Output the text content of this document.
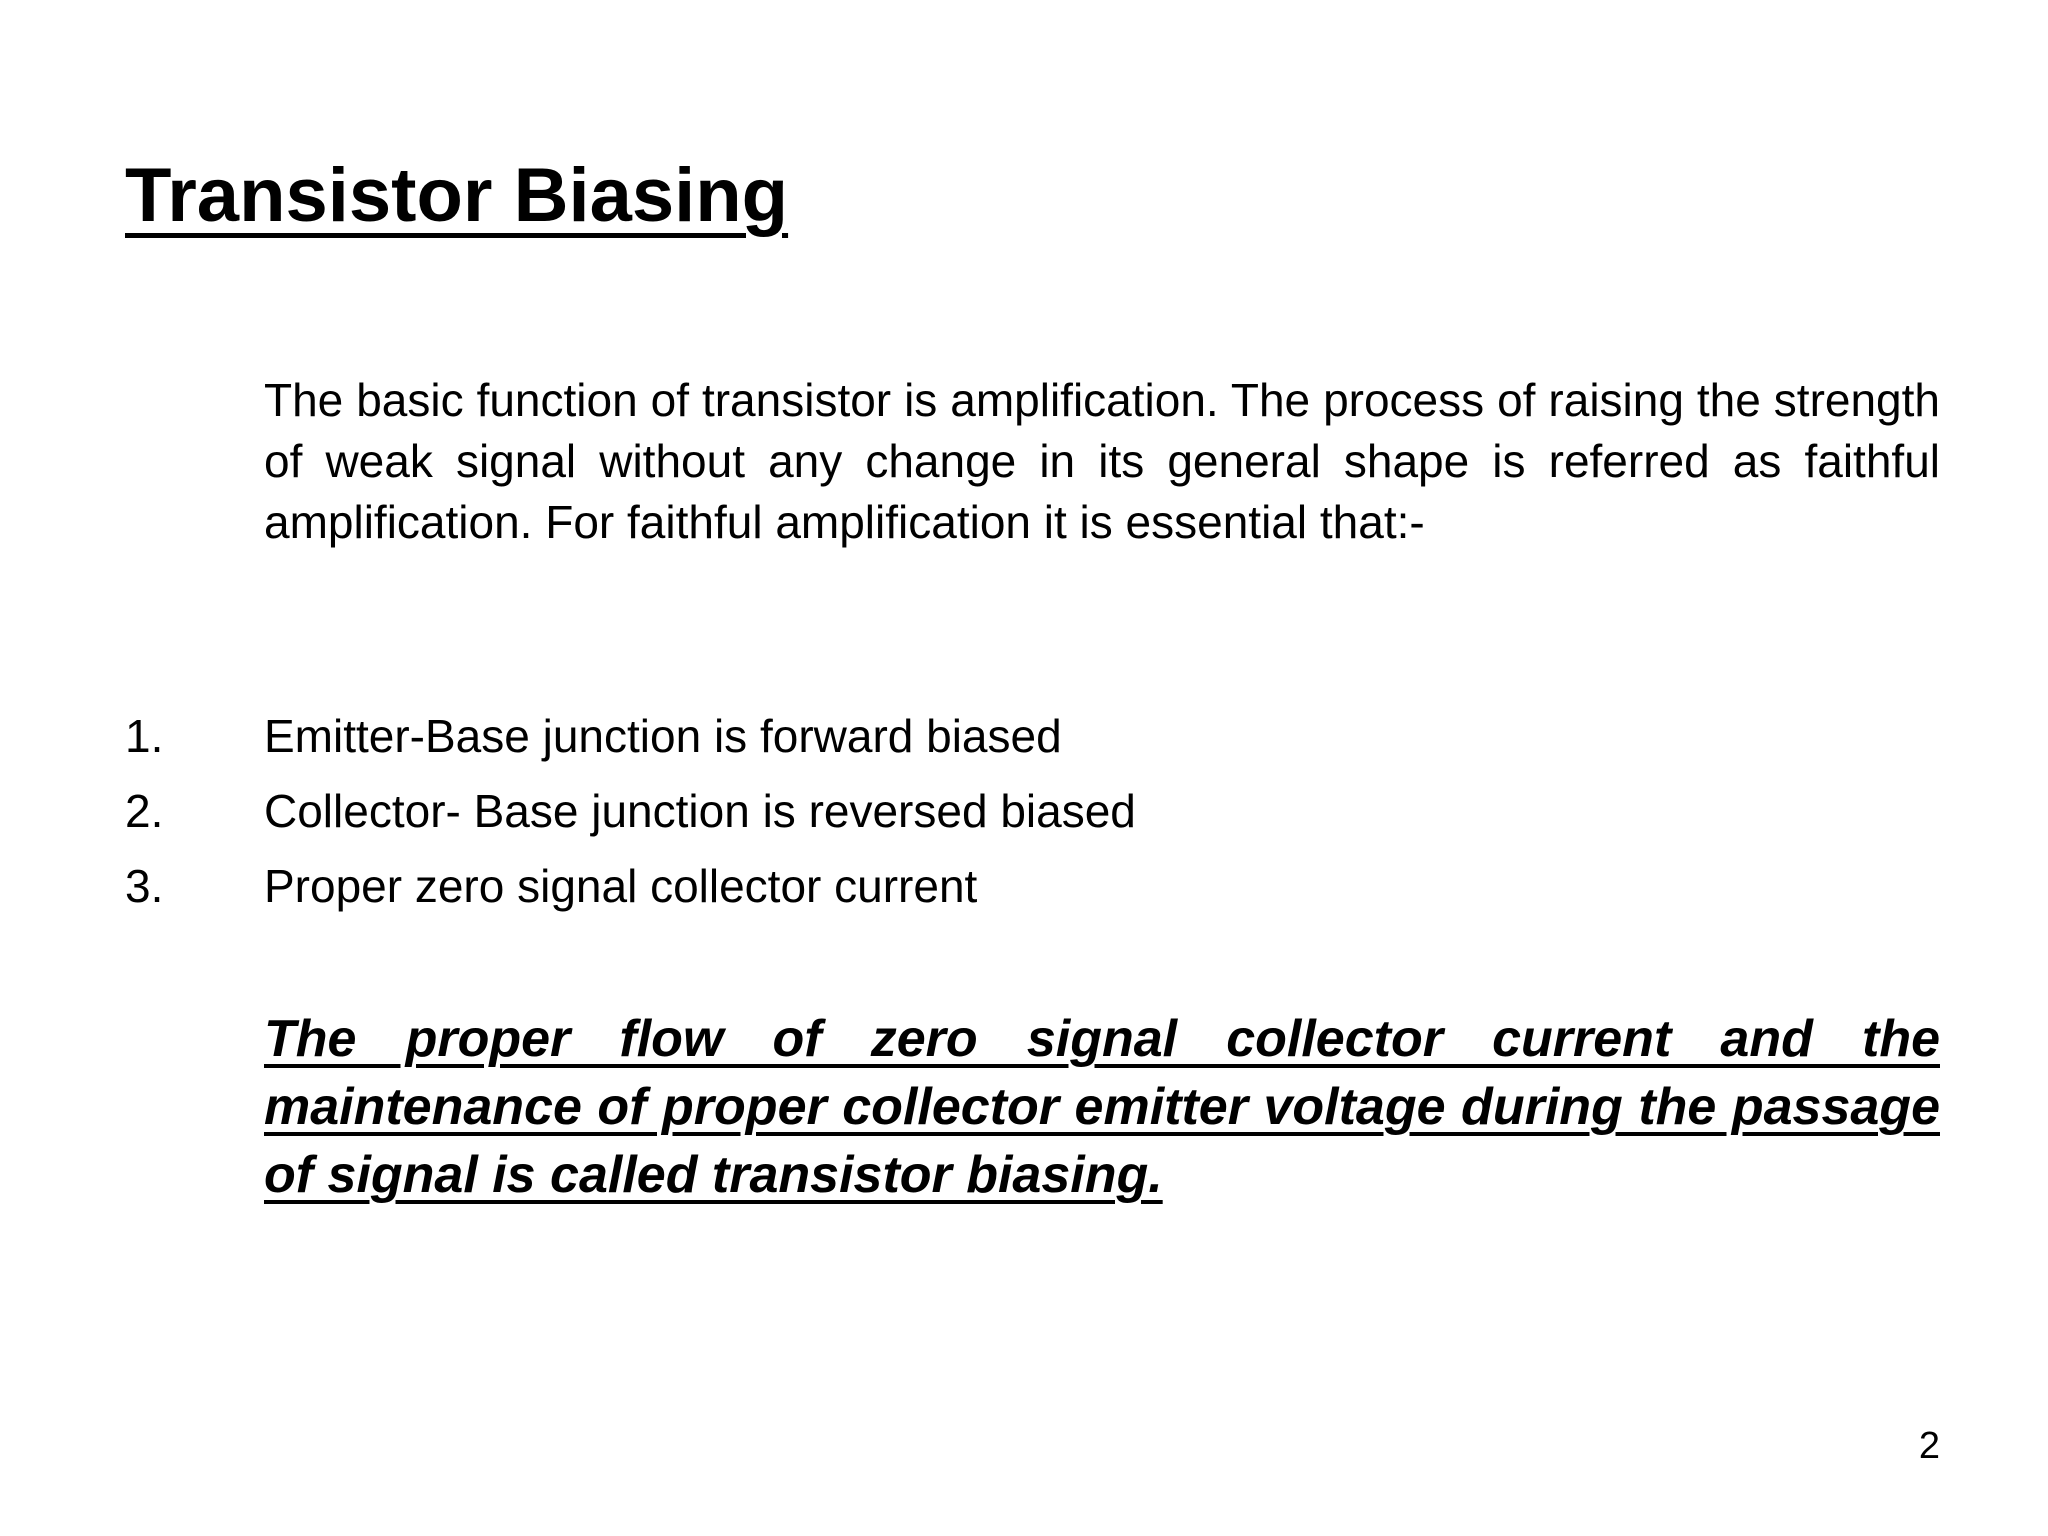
Transistor Biasing

The basic function of transistor is amplification. The process of raising the strength of weak signal without any change in its general shape is referred as faithful amplification. For faithful amplification it is essential that:-

1.	Emitter-Base junction is forward biased
2.	Collector- Base junction is reversed biased
3.	Proper zero signal collector current

The proper flow of zero signal collector current and the maintenance of proper collector emitter voltage during the passage of signal is called transistor biasing.

2
